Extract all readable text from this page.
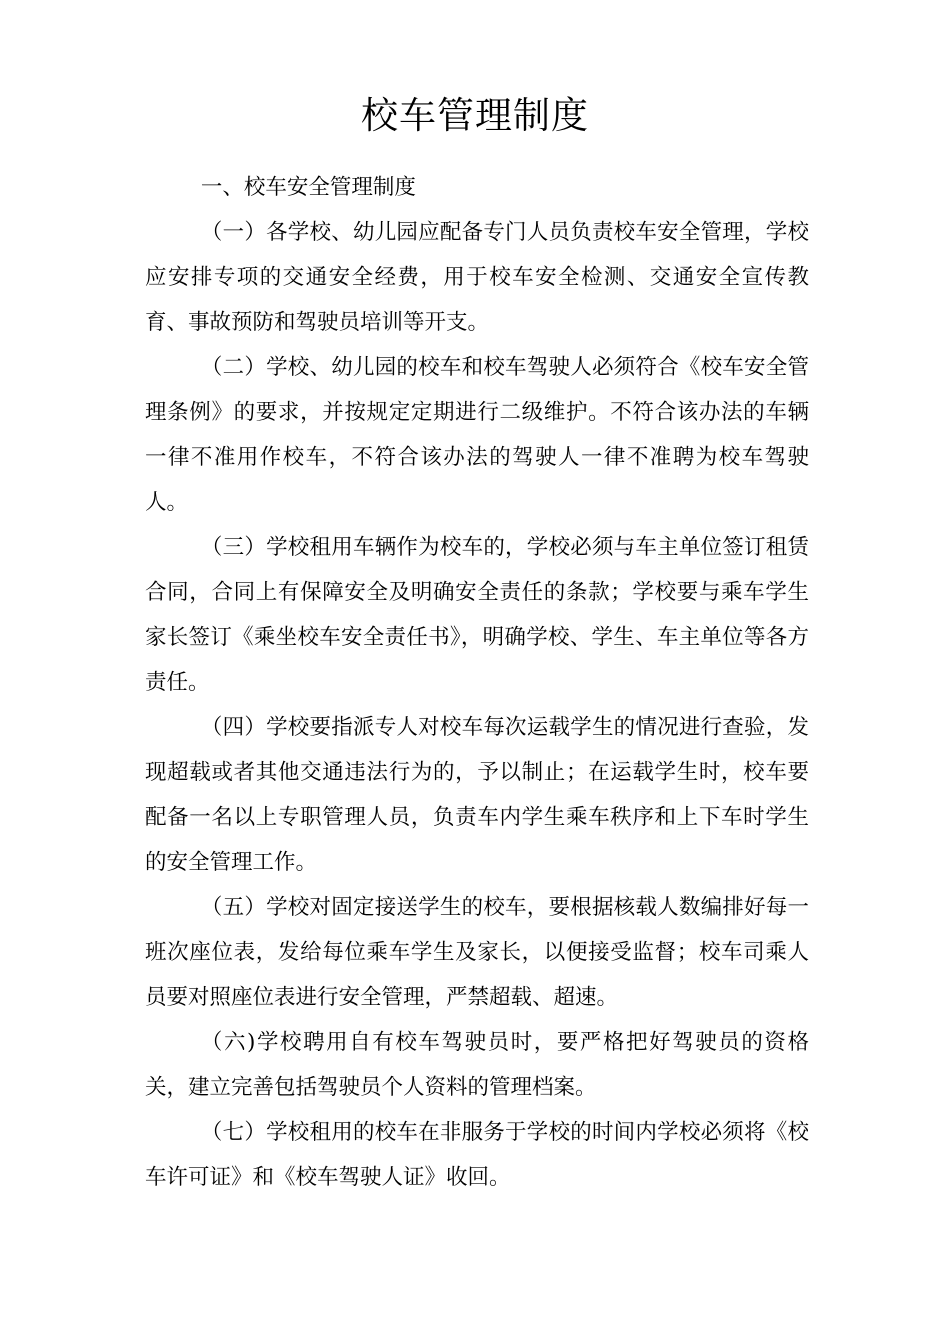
校车管理制度

一、校车安全管理制度

（一）各学校、幼儿园应配备专门人员负责校车安全管理，学校应安排专项的交通安全经费，用于校车安全检测、交通安全宣传教育、事故预防和驾驶员培训等开支。

（二）学校、幼儿园的校车和校车驾驶人必须符合《校车安全管理条例》的要求，并按规定定期进行二级维护。不符合该办法的车辆一律不准用作校车，不符合该办法的驾驶人一律不准聘为校车驾驶人。

（三）学校租用车辆作为校车的，学校必须与车主单位签订租赁合同，合同上有保障安全及明确安全责任的条款；学校要与乘车学生家长签订《乘坐校车安全责任书》，明确学校、学生、车主单位等各方责任。

（四）学校要指派专人对校车每次运载学生的情况进行查验，发现超载或者其他交通违法行为的，予以制止；在运载学生时，校车要配备一名以上专职管理人员，负责车内学生乘车秩序和上下车时学生的安全管理工作。

（五）学校对固定接送学生的校车，要根据核载人数编排好每一班次座位表，发给每位乘车学生及家长，以便接受监督；校车司乘人员要对照座位表进行安全管理，严禁超载、超速。

（六)学校聘用自有校车驾驶员时，要严格把好驾驶员的资格关，建立完善包括驾驶员个人资料的管理档案。

（七）学校租用的校车在非服务于学校的时间内学校必须将《校车许可证》和《校车驾驶人证》收回。
